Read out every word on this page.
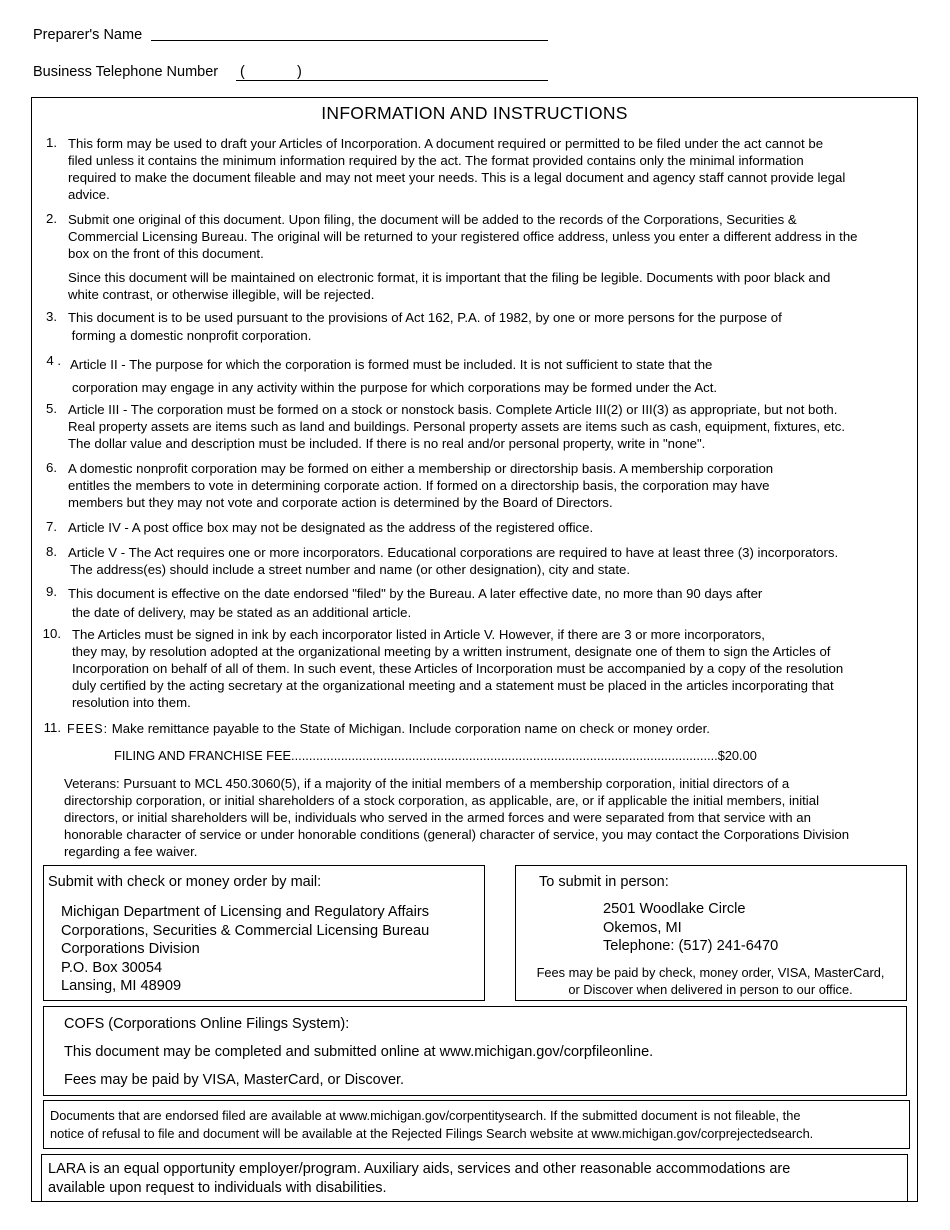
Preparer's Name
Business Telephone Number (	)
INFORMATION AND INSTRUCTIONS
1. This form may be used to draft your Articles of Incorporation. A document required or permitted to be filed under the act cannot be

filed unless it contains the minimum information required by the act. The format provided contains only the minimal information

required to make the document fileable and may not meet your needs. This is a legal document and agency staff cannot provide legal

advice.

2. Submit one original of this document. Upon filing, the document will be added to the records of the Corporations, Securities &

Commercial Licensing Bureau. The original will be returned to your registered office address, unless you enter a different address in the

box on the front of this document.

Since this document will be maintained on electronic format, it is important that the filing be legible. Documents with poor black and

white contrast, or otherwise illegible, will be rejected.

3. This document is to be used pursuant to the provisions of Act 162, P.A. of 1982, by one or more persons for the purpose of

forming a domestic nonprofit corporation.

4 . Article II - The purpose for which the corporation is formed must be included. It is not sufficient to state that the

corporation may engage in any activity within the purpose for which corporations may be formed under the Act.

5. Article III - The corporation must be formed on a stock or nonstock basis. Complete Article III(2) or III(3) as appropriate, but not both.

Real property assets are items such as land and buildings. Personal property assets are items such as cash, equipment, fixtures, etc.

The dollar value and description must be included. If there is no real and/or personal property, write in "none".

6. A domestic nonprofit corporation may be formed on either a membership or directorship basis. A membership corporation

entitles the members to vote in determining corporate action. If formed on a directorship basis, the corporation may have

members but they may not vote and corporate action is determined by the Board of Directors.

7. Article IV - A post office box may not be designated as the address of the registered office.

8. Article V - The Act requires one or more incorporators. Educational corporations are required to have at least three (3) incorporators.

The address(es) should include a street number and name (or other designation), city and state.

9. This document is effective on the date endorsed "filed" by the Bureau. A later effective date, no more than 90 days after

the date of delivery, may be stated as an additional article.

10. The Articles must be signed in ink by each incorporator listed in Article V. However, if there are 3 or more incorporators,

they may, by resolution adopted at the organizational meeting by a written instrument, designate one of them to sign the Articles of

Incorporation on behalf of all of them. In such event, these Articles of Incorporation must be accompanied by a copy of the resolution

duly certified by the acting secretary at the organizational meeting and a statement must be placed in the articles incorporating that

resolution into them.

11. FEES: Make remittance payable to the State of Michigan. Include corporation name on check or money order.
FILING AND FRANCHISE FEE........................................................................................................................$20.00

Veterans: Pursuant to MCL 450.3060(5), if a majority of the initial members of a membership corporation, initial directors of a

directorship corporation, or initial shareholders of a stock corporation, as applicable, are, or if applicable the initial members, initial

directors, or initial shareholders will be, individuals who served in the armed forces and were separated from that service with an

honorable character of service or under honorable conditions (general) character of service, you may contact the Corporations Division

regarding a fee waiver.

Submit with check or money order by mail:
Michigan Department of Licensing and Regulatory Affairs
Corporations, Securities & Commercial Licensing Bureau
Corporations Division
P.O. Box 30054
Lansing, MI 48909
To submit in person:
2501 Woodlake Circle
Okemos, MI
Telephone: (517) 241-6470
Fees may be paid by check, money order, VISA, MasterCard,
or Discover when delivered in person to our office.
COFS (Corporations Online Filings System):
This document may be completed and submitted online at www.michigan.gov/corpfileonline.
Fees may be paid by VISA, MasterCard, or Discover.
Documents that are endorsed filed are available at www.michigan.gov/corpentitysearch. If the submitted document is not fileable, the
notice of refusal to file and document will be available at the Rejected Filings Search website at www.michigan.gov/corprejectedsearch.
LARA is an equal opportunity employer/program. Auxiliary aids, services and other reasonable accommodations are
available upon request to individuals with disabilities.
